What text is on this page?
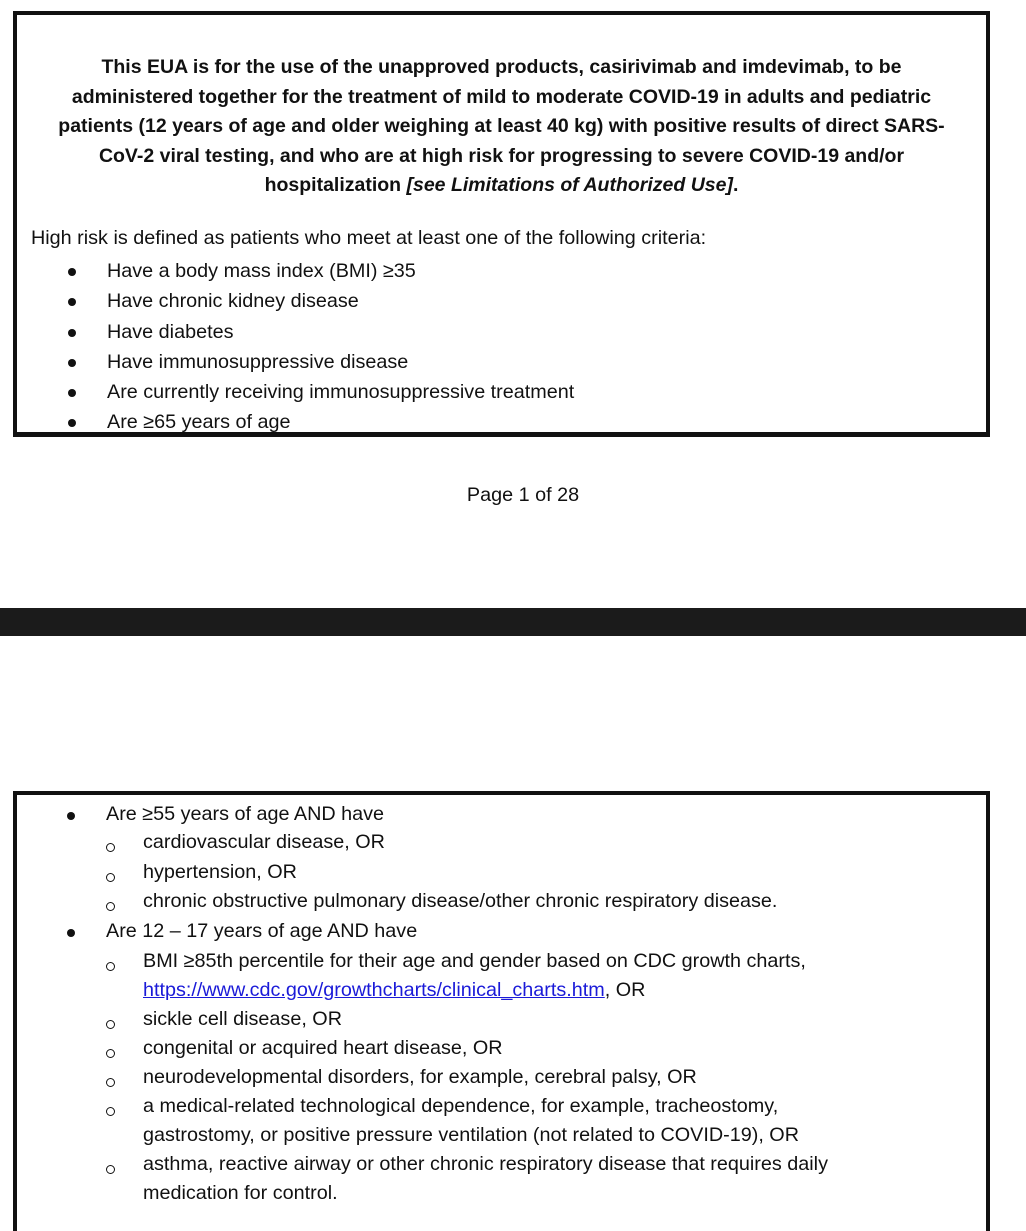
This EUA is for the use of the unapproved products, casirivimab and imdevimab, to be administered together for the treatment of mild to moderate COVID-19 in adults and pediatric patients (12 years of age and older weighing at least 40 kg) with positive results of direct SARS-CoV-2 viral testing, and who are at high risk for progressing to severe COVID-19 and/or hospitalization [see Limitations of Authorized Use].
High risk is defined as patients who meet at least one of the following criteria:
Have a body mass index (BMI) ≥35
Have chronic kidney disease
Have diabetes
Have immunosuppressive disease
Are currently receiving immunosuppressive treatment
Are ≥65 years of age
Page 1 of 28
Are ≥55 years of age AND have
cardiovascular disease, OR
hypertension, OR
chronic obstructive pulmonary disease/other chronic respiratory disease.
Are 12 – 17 years of age AND have
BMI ≥85th percentile for their age and gender based on CDC growth charts,
https://www.cdc.gov/growthcharts/clinical_charts.htm, OR
sickle cell disease, OR
congenital or acquired heart disease, OR
neurodevelopmental disorders, for example, cerebral palsy, OR
a medical-related technological dependence, for example, tracheostomy,
gastrostomy, or positive pressure ventilation (not related to COVID-19), OR
asthma, reactive airway or other chronic respiratory disease that requires daily
medication for control.
